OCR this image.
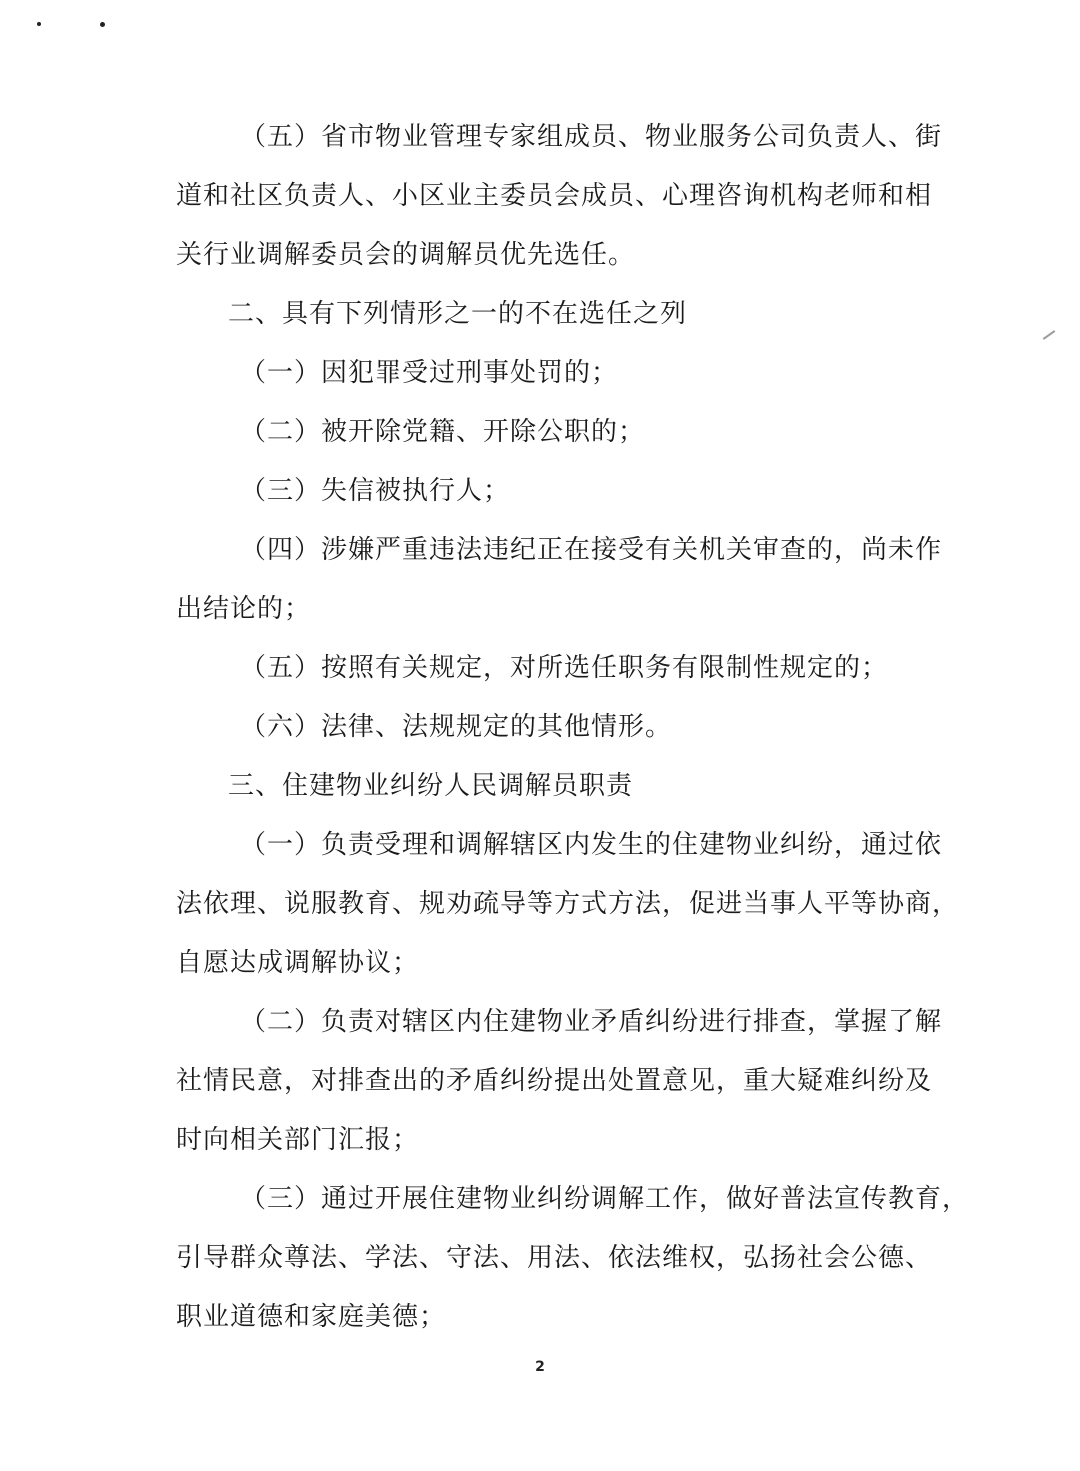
（五）省市物业管理专家组成员、物业服务公司负责人、街

道和社区负责人、小区业主委员会成员、心理咨询机构老师和相

关行业调解委员会的调解员优先选任。

二、具有下列情形之一的不在选任之列

（一）因犯罪受过刑事处罚的；

（二）被开除党籍、开除公职的；

（三）失信被执行人；

（四）涉嫌严重违法违纪正在接受有关机关审查的，尚未作

出结论的；

（五）按照有关规定，对所选任职务有限制性规定的；

（六）法律、法规规定的其他情形。

三、住建物业纠纷人民调解员职责

（一）负责受理和调解辖区内发生的住建物业纠纷，通过依

法依理、说服教育、规劝疏导等方式方法，促进当事人平等协商，

自愿达成调解协议；

（二）负责对辖区内住建物业矛盾纠纷进行排查，掌握了解

社情民意，对排查出的矛盾纠纷提出处置意见，重大疑难纠纷及

时向相关部门汇报；

（三）通过开展住建物业纠纷调解工作，做好普法宣传教育，

引导群众尊法、学法、守法、用法、依法维权，弘扬社会公德、

职业道德和家庭美德；

2
